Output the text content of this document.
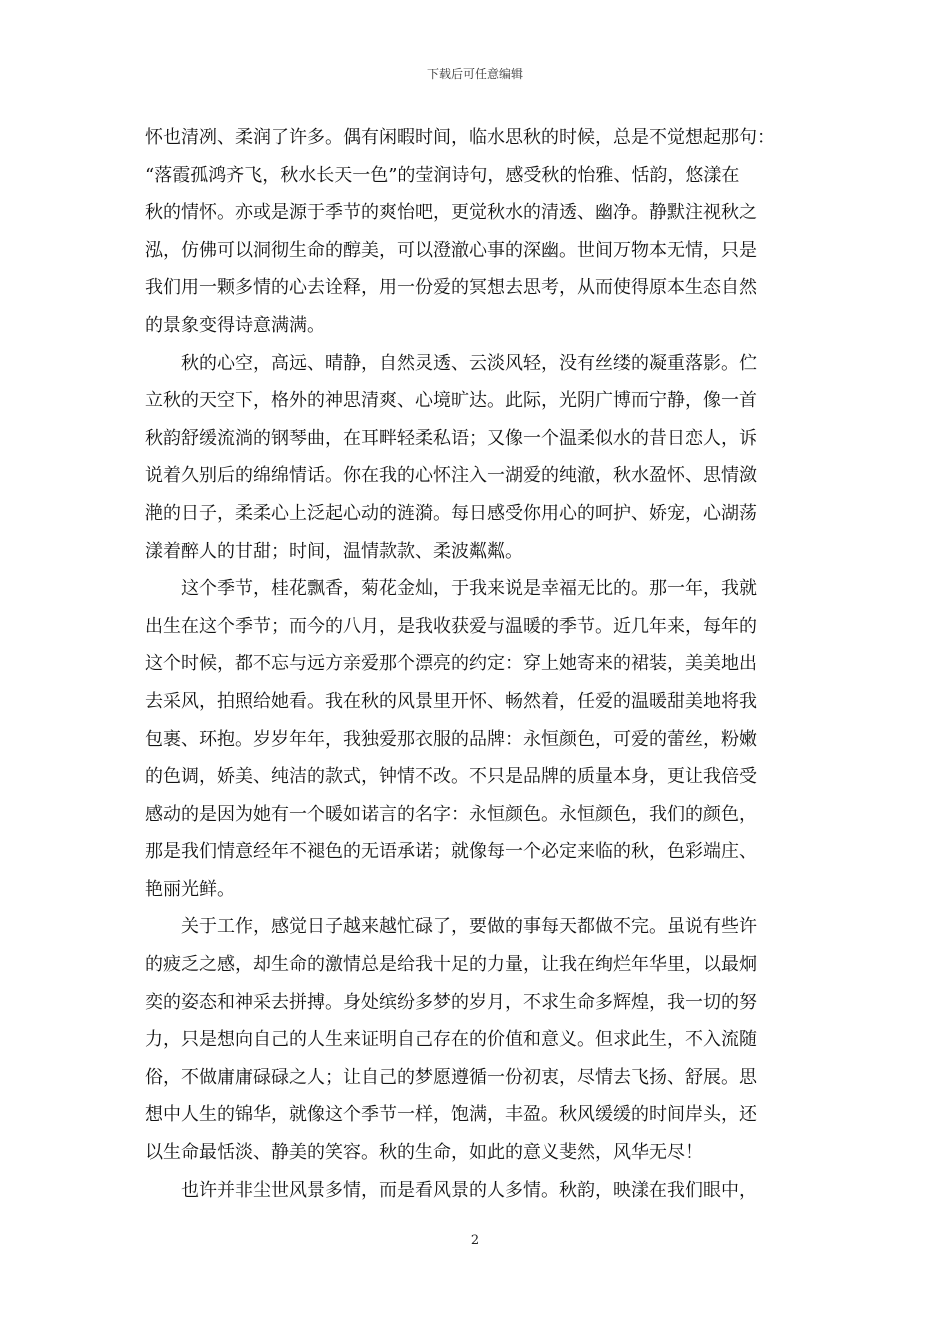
下载后可任意编辑
怀也清冽、柔润了许多。偶有闲暇时间，临水思秋的时候，总是不觉想起那句：
“落霞孤鸿齐飞，秋水长天一色”的莹润诗句，感受秋的怡雅、恬韵，悠漾在
秋的情怀。亦或是源于季节的爽怡吧，更觉秋水的清透、幽净。静默注视秋之
泓，仿佛可以洞彻生命的醇美，可以澄澈心事的深幽。世间万物本无情，只是
我们用一颗多情的心去诠释，用一份爱的冥想去思考，从而使得原本生态自然
的景象变得诗意满满。
　　秋的心空，高远、晴静，自然灵透、云淡风轻，没有丝缕的凝重落影。伫
立秋的天空下，格外的神思清爽、心境旷达。此际，光阴广博而宁静，像一首
秋韵舒缓流淌的钢琴曲，在耳畔轻柔私语；又像一个温柔似水的昔日恋人，诉
说着久别后的绵绵情话。你在我的心怀注入一湖爱的纯澈，秋水盈怀、思情潋
滟的日子，柔柔心上泛起心动的涟漪。每日感受你用心的呵护、娇宠，心湖荡
漾着醉人的甘甜；时间，温情款款、柔波粼粼。
　　这个季节，桂花飘香，菊花金灿，于我来说是幸福无比的。那一年，我就
出生在这个季节；而今的八月，是我收获爱与温暖的季节。近几年来，每年的
这个时候，都不忘与远方亲爱那个漂亮的约定：穿上她寄来的裙装，美美地出
去采风，拍照给她看。我在秋的风景里开怀、畅然着，任爱的温暖甜美地将我
包裹、环抱。岁岁年年，我独爱那衣服的品牌：永恒颜色，可爱的蕾丝，粉嫩
的色调，娇美、纯洁的款式，钟情不改。不只是品牌的质量本身，更让我倍受
感动的是因为她有一个暖如诺言的名字：永恒颜色。永恒颜色，我们的颜色，
那是我们情意经年不褪色的无语承诺；就像每一个必定来临的秋，色彩端庄、
艳丽光鲜。
　　关于工作，感觉日子越来越忙碌了，要做的事每天都做不完。虽说有些许
的疲乏之感，却生命的激情总是给我十足的力量，让我在绚烂年华里，以最炯
奕的姿态和神采去拼搏。身处缤纷多梦的岁月，不求生命多辉煌，我一切的努
力，只是想向自己的人生来证明自己存在的价值和意义。但求此生，不入流随
俗，不做庸庸碌碌之人；让自己的梦愿遵循一份初衷，尽情去飞扬、舒展。思
想中人生的锦华，就像这个季节一样，饱满，丰盈。秋风缓缓的时间岸头，还
以生命最恬淡、静美的笑容。秋的生命，如此的意义斐然，风华无尽！
　　也许并非尘世风景多情，而是看风景的人多情。秋韵，映漾在我们眼中，
2
